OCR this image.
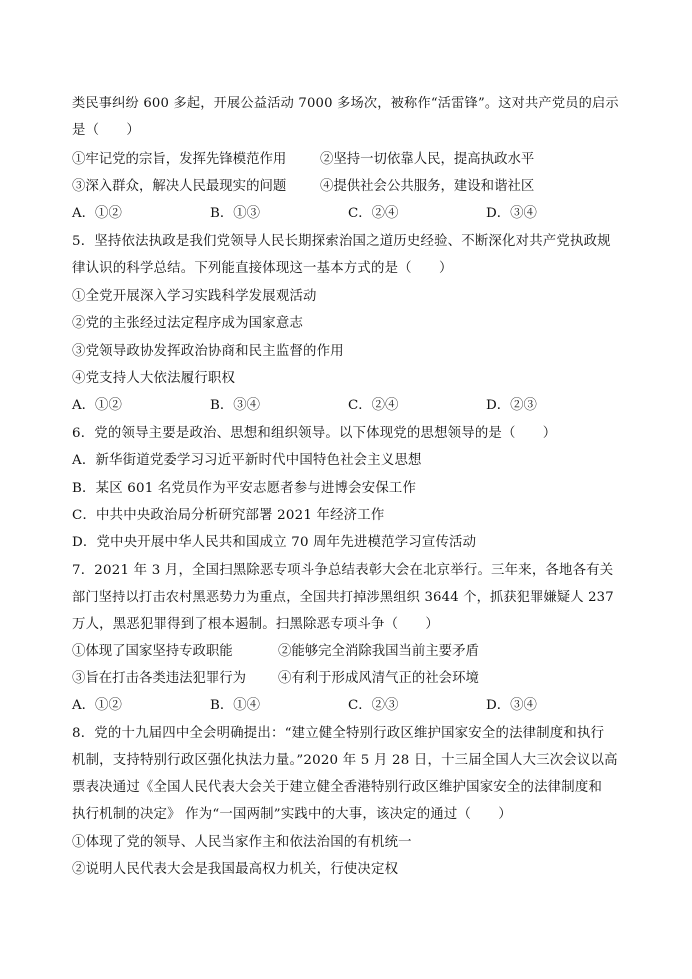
类民事纠纷 600 多起，开展公益活动 7000 多场次，被称作“活雷锋”。这对共产党员的启示
是（　　）
①牢记党的宗旨，发挥先锋模范作用	②坚持一切依靠人民，提高执政水平
③深入群众，解决人民最现实的问题	④提供社会公共服务，建设和谐社区
A．①②	B．①③	C．②④	D．③④
5．坚持依法执政是我们党领导人民长期探索治国之道历史经验、不断深化对共产党执政规
律认识的科学总结。下列能直接体现这一基本方式的是（　　）
①全党开展深入学习实践科学发展观活动
②党的主张经过法定程序成为国家意志
③党领导政协发挥政治协商和民主监督的作用
④党支持人大依法履行职权
A．①②	B．③④	C．②④	D．②③
6．党的领导主要是政治、思想和组织领导。以下体现党的思想领导的是（　　）
A．新华街道党委学习习近平新时代中国特色社会主义思想
B．某区 601 名党员作为平安志愿者参与进博会安保工作
C．中共中央政治局分析研究部署 2021 年经济工作
D．党中央开展中华人民共和国成立 70 周年先进模范学习宣传活动
7．2021 年 3 月，全国扫黑除恶专项斗争总结表彰大会在北京举行。三年来，各地各有关
部门坚持以打击农村黑恶势力为重点，全国共打掉涉黑组织 3644 个，抓获犯罪嫌疑人 237
万人，黑恶犯罪得到了根本遏制。扫黑除恶专项斗争（　　）
①体现了国家坚持专政职能	②能够完全消除我国当前主要矛盾
③旨在打击各类违法犯罪行为 ④有利于形成风清气正的社会环境
A．①②	B．①④	C．②③	D．③④
8．党的十九届四中全会明确提出：“建立健全特别行政区维护国家安全的法律制度和执行
机制，支持特别行政区强化执法力量。”2020 年 5 月 28 日，十三届全国人大三次会议以高
票表决通过《全国人民代表大会关于建立健全香港特别行政区维护国家安全的法律制度和
执行机制的决定》 作为“一国两制”实践中的大事，该决定的通过（　　）
①体现了党的领导、人民当家作主和依法治国的有机统一
②说明人民代表大会是我国最高权力机关，行使决定权
